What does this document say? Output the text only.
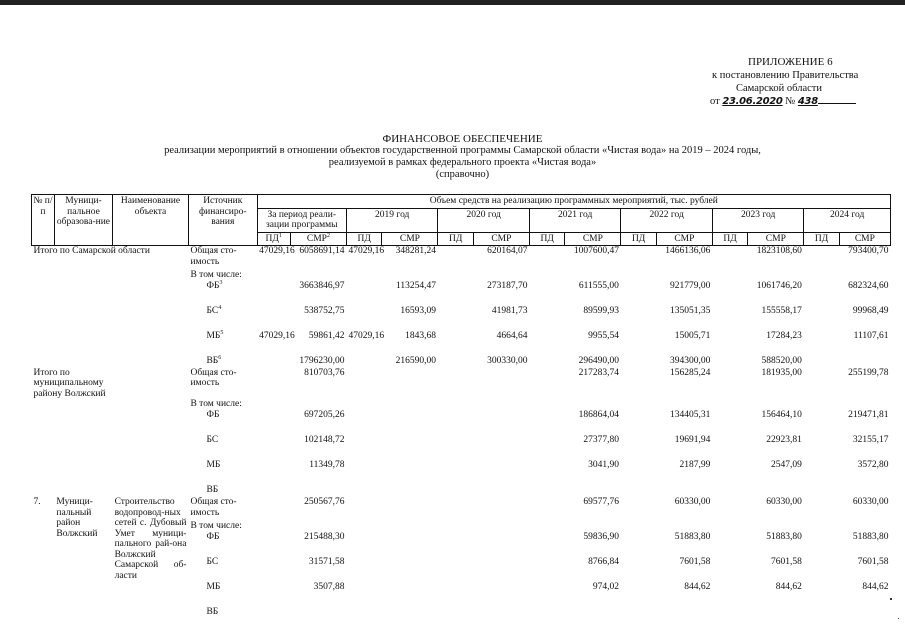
ПРИЛОЖЕНИЕ 6
к постановлению Правительства
Самарской области
от 23.06.2020 № 438
ФИНАНСОВОЕ ОБЕСПЕЧЕНИЕ
реализации мероприятий в отношении объектов государственной программы Самарской области «Чистая вода» на 2019 – 2024 годы,
реализуемой в рамках федерального проекта «Чистая вода»
(справочно)
№ п/п	Муници-пальное образова-ние	Наименование объекта	Источник финансиро-вания	Объем средств на реализацию программных мероприятий, тыс. рублей													
				За период реали-зации программы		2019 год		2020 год		2021 год		2022 год		2023 год		2024 год	
				$ПД^1$	СМР$^2$	ПД	СМР	ПД	СМР	ПД	СМР	ПД	СМР	ПД	СМР	ПД	СМР
Итого по Самарской области			Общая сто-имость	47029,16	6058691,14	47029,16	348281,24		620164,07		1007600,47		1466136,06		1823108,60		793400,70
			В том числе:														
			$ФБ^3$		3663846,97		113254,47		273187,70		611555,00		921779,00		1061746,20		682324,60
			$БС^4$		538752,75		16593,09		41981,73		89599,93		135051,35		155558,17		99968,49
			$МБ^5$	47029,16	59861,42	47029,16	1843,68		4664,64		9955,54		15005,71		17284,23		11107,61
			$ВБ^6$		1796230,00		216590,00		300330,00		296490,00		394300,00		588520,00		
Итого по муниципальному району Волжский			Общая сто-имость		810703,76						217283,74		156285,24		181935,00		255199,78
			В том числе:														
			ФБ		697205,26						186864,04		134405,31		156464,10		219471,81
			БС		102148,72						27377,80		19691,94		22923,81		32155,17
			МБ		11349,78						3041,90		2187,99		2547,09		3572,80
			ВБ														
7.	Муници-пальный район Волжский	Строительство водопровод-ных сетей с. Дубовый Умет муници-пального рай-она Волжский Самарской об-ласти	Общая сто-имость		250567,76						69577,76		60330,00		60330,00		60330,00
			В том числе:														
			ФБ		215488,30						59836,90		51883,80		51883,80		51883,80
			БС		31571,58						8766,84		7601,58		7601,58		7601,58
			МБ		3507,88						974,02		844,62		844,62		844,62
			ВБ														
